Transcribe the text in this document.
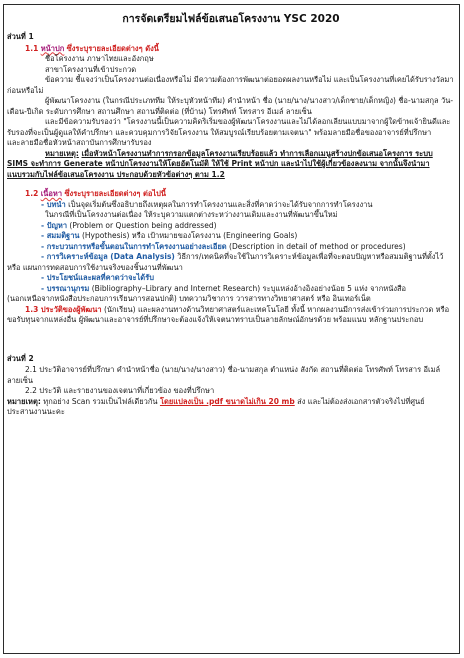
การจัดเตรียมไฟล์ข้อเสนอโครงงาน YSC 2020
ส่วนที่ 1
1.1 หน้าปก ซึ่งระบุรายละเอียดต่างๆ ดังนี้
ชื่อโครงงาน ภาษาไทยและอังกฤษ
สาขาโครงงานที่เข้าประกวด
ข้อความ ชี้แจงว่าเป็นโครงงานต่อเนื่องหรือไม่ มีความต้องการพัฒนาต่อยอดผลงานหรือไม่ และเป็นโครงงานที่เคยได้รับรางวัลมา
ก่อนหรือไม่
ผู้พัฒนาโครงงาน (ในกรณีประเภททีม ให้ระบุหัวหน้าทีม) คำนำหน้า ชื่อ (นาย/นาง/นางสาว/เด็กชาย/เด็กหญิง) ชื่อ-นามสกุล วัน-
เดือน-ปีเกิด ระดับการศึกษา สถานศึกษา สถานที่ติดต่อ (ที่บ้าน) โทรศัพท์ โทรสาร อีเมล์ ลายเซ็น
และมีข้อความรับรองว่า "โครงงานนี้เป็นความคิดริเริ่มของผู้พัฒนาโครงงานและไม่ได้ลอกเลียนแบบมาจากผู้ใดข้าพเจ้ายินดีและ
รับรองที่จะเป็นผู้ดูแลให้คำปรึกษา และควบคุมการวิจัยโครงงาน ให้สมบูรณ์เรียบร้อยตามเจตนา" พร้อมลายมือชื่อของอาจารย์ที่ปรึกษา
และลายมือชื่อหัวหน้าสถาบันการศึกษารับรอง
หมายเหตุ: เมื่อหัวหน้าโครงงานทำการกรอกข้อมูลโครงงานเรียบร้อยแล้ว ทำการเลือกเมนูสร้างปกข้อเสนอโครงการ ระบบ
SIMS จะทำการ Generate หน้าปกโครงงานให้โดยอัตโนมัติ ให้ใช้ Print หน้าปก และนำไปใช้ผู้เกี่ยวข้องลงนาม จากนั้นจึงนำมา
แนบรวมกับไฟล์ข้อเสนอโครงงาน ประกอบด้วยหัวข้อต่างๆ ตาม 1.2
1.2 เนื้อหา ซึ่งระบุรายละเอียดต่างๆ ต่อไปนี้
- บทนำ เป็นจุดเริ่มต้นซึ่งอธิบายถึงเหตุผลในการทำโครงงานและสิ่งที่คาดว่าจะได้รับจากการทำโครงงาน
ในกรณีที่เป็นโครงงานต่อเนื่อง ให้ระบุความแตกต่างระหว่างงานเดิมและงานที่พัฒนาขึ้นใหม่
- ปัญหา (Problem or Question being addressed)
- สมมติฐาน (Hypothesis) หรือ เป้าหมายของโครงงาน (Engineering Goals)
- กระบวนการหรือขั้นตอนในการทำโครงงานอย่างละเอียด (Description in detail of method or procedures)
- การวิเคราะห์ข้อมูล (Data Analysis) วิธีการ/เทคนิคที่จะใช้ในการวิเคราะห์ข้อมูลเพื่อที่จะตอบปัญหาหรือสมมติฐานที่ตั้งไว้
หรือ แผนการทดสอบการใช้งานจริงของชิ้นงานที่พัฒนา
- ประโยชน์และผลที่คาดว่าจะได้รับ
- บรรณานุกรม (Bibliography–Library and Internet Research) ระบุแหล่งอ้างอิงอย่างน้อย 5 แห่ง จากหนังสือ
(นอกเหนือจากหนังสือประกอบการเรียนการสอนปกติ) บทความวิชาการ วารสารทางวิทยาศาสตร์ หรือ อินเทอร์เน็ต
1.3 ประวัติของผู้พัฒนา (นักเรียน) และผลงานทางด้านวิทยาศาสตร์และเทคโนโลยี ทั้งนี้ หากผลงานมีการส่งเข้าร่วมการประกวด หรือ
ขอรับทุนจากแหล่งอื่น ผู้พัฒนาและอาจารย์ที่ปรึกษาจะต้องแจ้งให้เจตนาทราบเป็นลายลักษณ์อักษรด้วย พร้อมแนบ หลักฐานประกอบ
ส่วนที่ 2
2.1 ประวัติอาจารย์ที่ปรึกษา คำนำหน้าชื่อ (นาย/นาง/นางสาว) ชื่อ-นามสกุล ตำแหน่ง สังกัด สถานที่ติดต่อ โทรศัพท์ โทรสาร อีเมล์
ลายเซ็น
2.2 ประวัติ และรายงานของเจตนาที่เกี่ยวข้อง ของที่ปรึกษา
หมายเหตุ: ทุกอย่าง Scan รวมเป็นไฟล์เดียวกัน โดยแปลงเป็น .pdf ขนาดไม่เกิน 20 mb ส่ง และไม่ต้องส่งเอกสารตัวจริงไปที่ศูนย์
ประสานงานนะคะ
